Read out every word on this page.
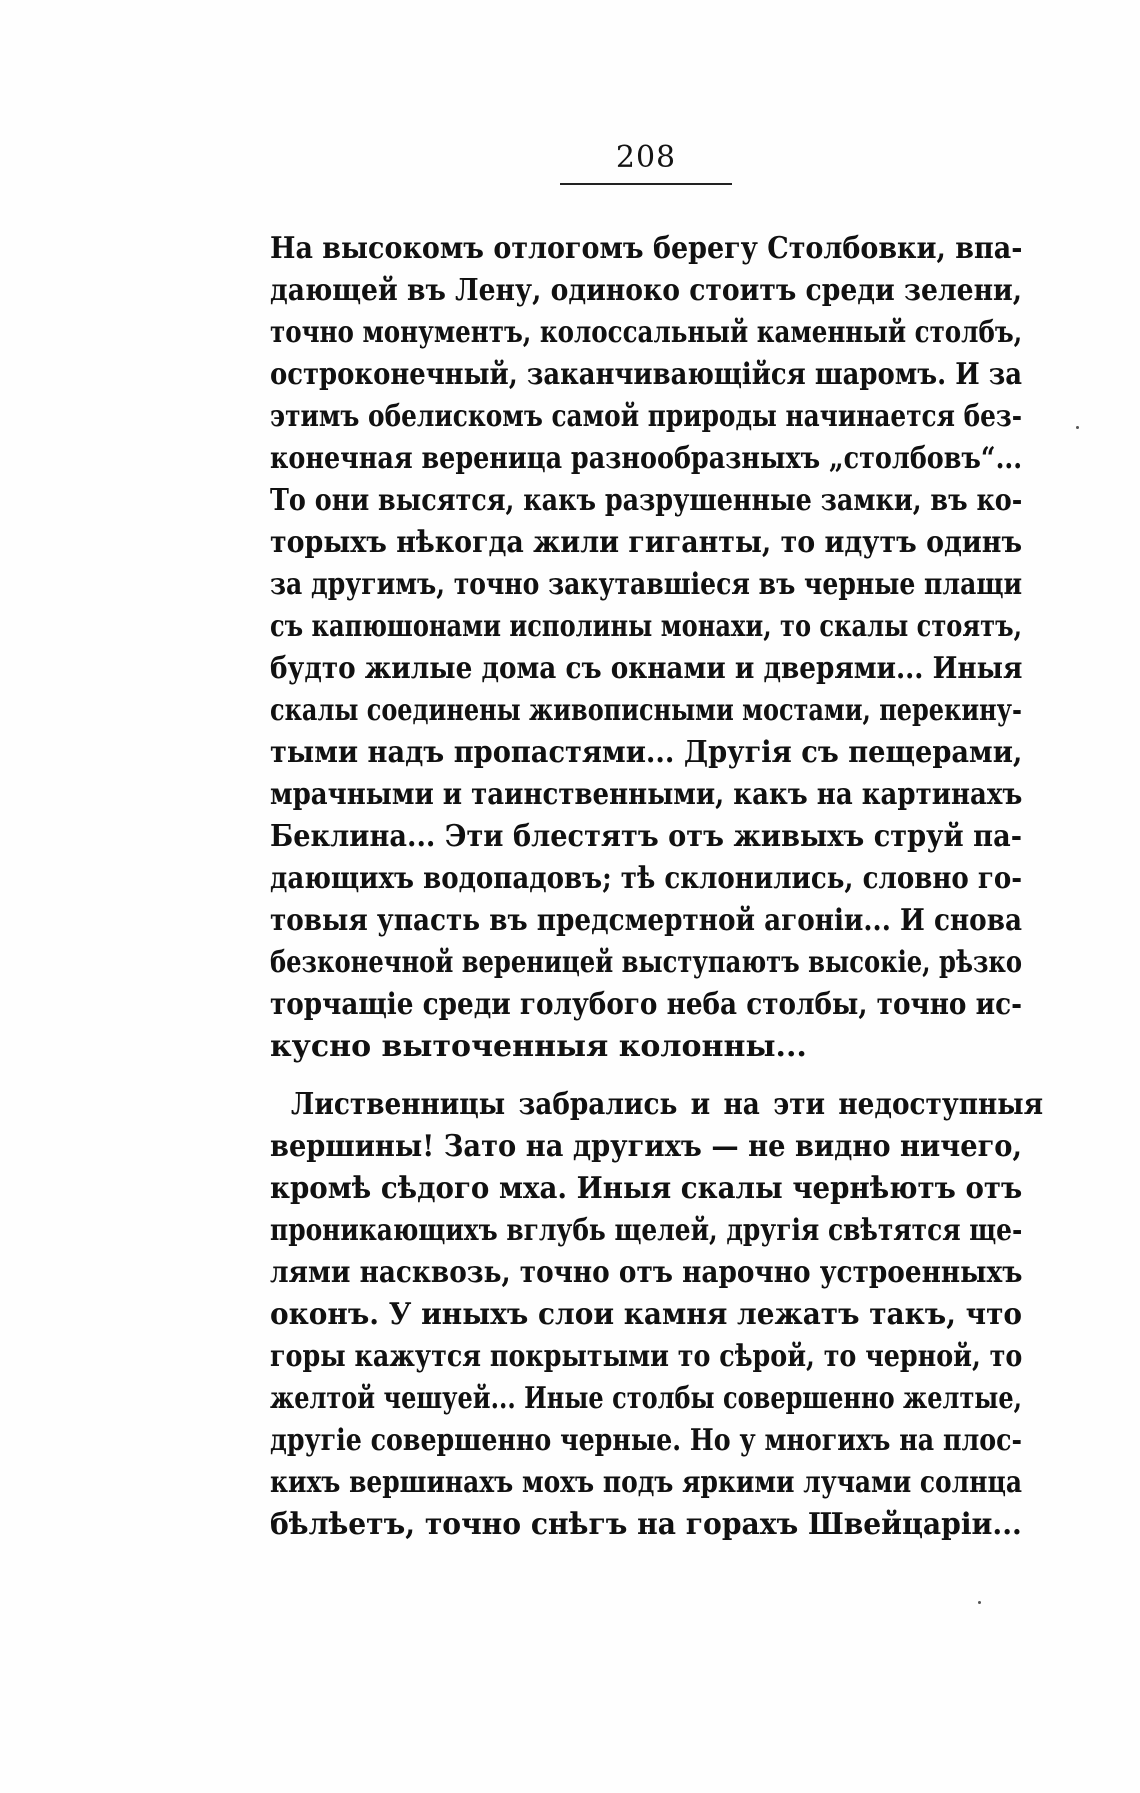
208
На высокомъ отлогомъ берегу Столбовки, впа-
дающей въ Лену, одиноко стоитъ среди зелени,
точно монументъ, колоссальный каменный столбъ,
остроконечный, заканчивающійся шаромъ. И за
этимъ обелискомъ самой природы начинается без-
конечная вереница разнообразныхъ „столбовъ“...
То они высятся, какъ разрушенные замки, въ ко-
торыхъ нѣкогда жили гиганты, то идутъ одинъ
за другимъ, точно закутавшіеся въ черные плащи
съ капюшонами исполины монахи, то скалы стоятъ,
будто жилые дома съ окнами и дверями... Иныя
скалы соединены живописными мостами, перекину-
тыми надъ пропастями... Другія съ пещерами,
мрачными и таинственными, какъ на картинахъ
Беклина... Эти блестятъ отъ живыхъ струй па-
дающихъ водопадовъ; тѣ склонились, словно го-
товыя упасть въ предсмертной агоніи... И снова
безконечной вереницей выступаютъ высокіе, рѣзко
торчащіе среди голубого неба столбы, точно ис-
кусно выточенныя колонны...
Лиственницы забрались и на эти недоступныя
вершины! Зато на другихъ — не видно ничего,
кромѣ сѣдого мха. Иныя скалы чернѣютъ отъ
проникающихъ вглубь щелей, другія свѣтятся ще-
лями насквозь, точно отъ нарочно устроенныхъ
оконъ. У иныхъ слои камня лежатъ такъ, что
горы кажутся покрытыми то сѣрой, то черной, то
желтой чешуей... Иные столбы совершенно желтые,
другіе совершенно черные. Но у многихъ на плос-
кихъ вершинахъ мохъ подъ яркими лучами солнца
бѣлѣетъ, точно снѣгъ на горахъ Швейцаріи...
